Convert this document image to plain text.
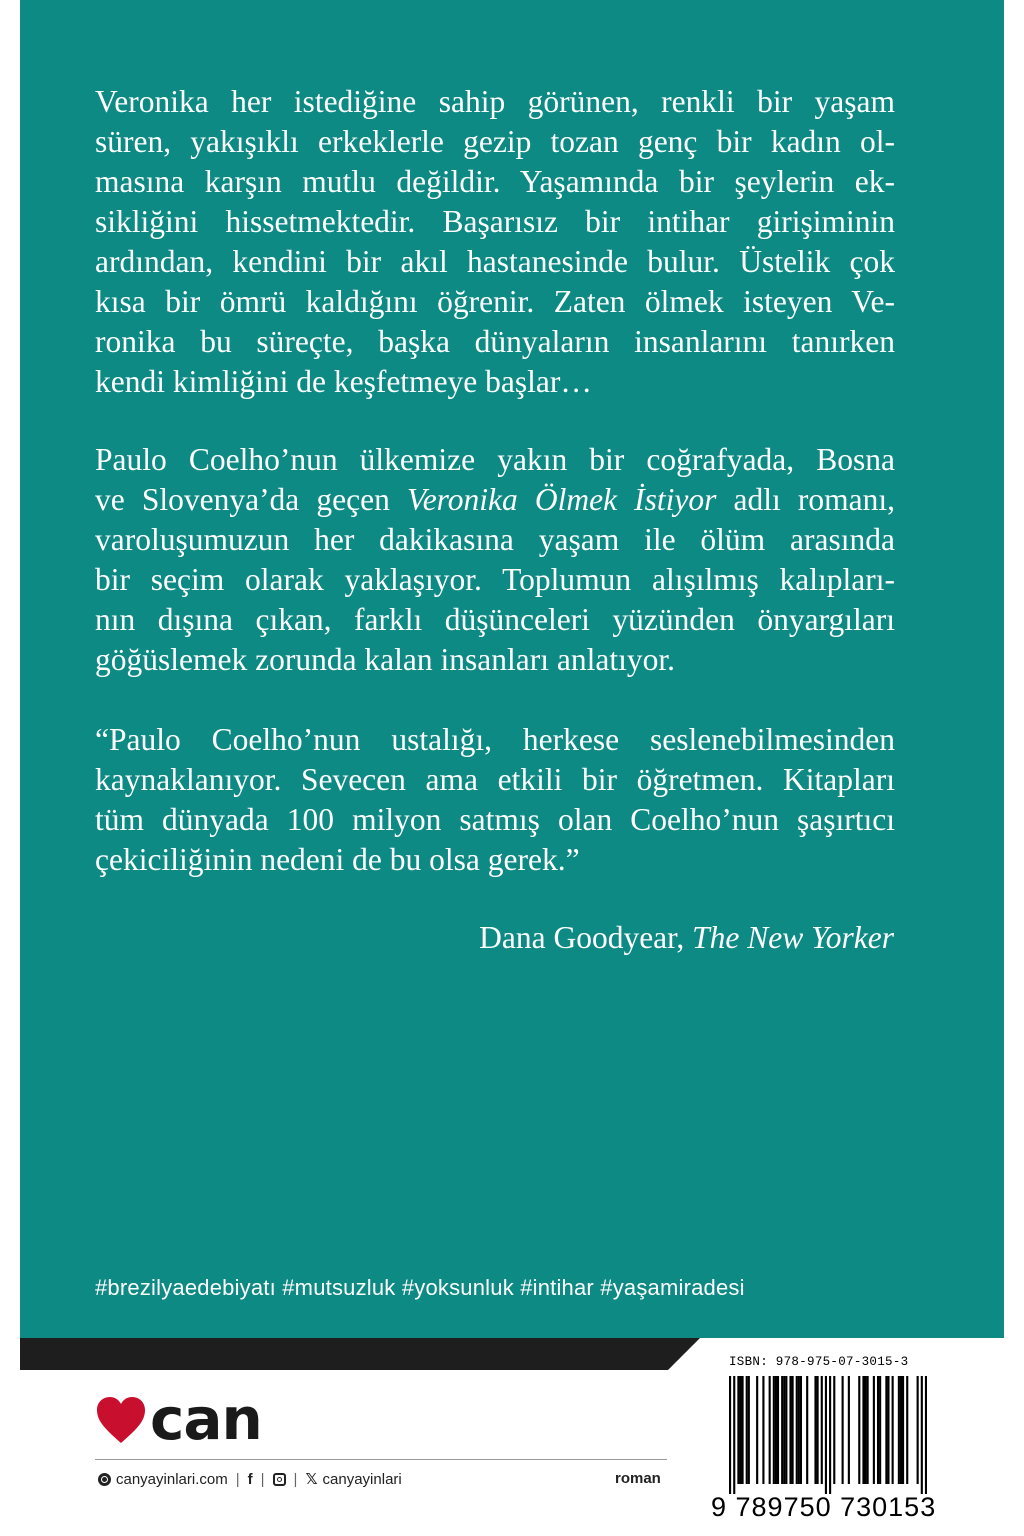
Veronika her istediğine sahip görünen, renkli bir yaşam
süren, yakışıklı erkeklerle gezip tozan genç bir kadın ol-
masına karşın mutlu değildir. Yaşamında bir şeylerin ek-
sikliğini hissetmektedir. Başarısız bir intihar girişiminin
ardından, kendini bir akıl hastanesinde bulur. Üstelik çok
kısa bir ömrü kaldığını öğrenir. Zaten ölmek isteyen Ve-
ronika bu süreçte, başka dünyaların insanlarını tanırken
kendi kimliğini de keşfetmeye başlar…
Paulo Coelho’nun ülkemize yakın bir coğrafyada, Bosna
ve Slovenya’da geçen Veronika Ölmek İstiyor adlı romanı,
varoluşumuzun her dakikasına yaşam ile ölüm arasında
bir seçim olarak yaklaşıyor. Toplumun alışılmış kalıpları-
nın dışına çıkan, farklı düşünceleri yüzünden önyargıları
göğüslemek zorunda kalan insanları anlatıyor.
“Paulo Coelho’nun ustalığı, herkese seslenebilmesinden
kaynaklanıyor. Sevecen ama etkili bir öğretmen. Kitapları
tüm dünyada 100 milyon satmış olan Coelho’nun şaşırtıcı
çekiciliğinin nedeni de bu olsa gerek.”
Dana Goodyear, The New Yorker
#brezilyaedebiyatı #mutsuzluk #yoksunluk #intihar #yaşamiradesi
can
canyayinlari.com | f | | 𝕏 canyayinlari	roman
ISBN: 978-975-07-3015-3
9 789750 730153
